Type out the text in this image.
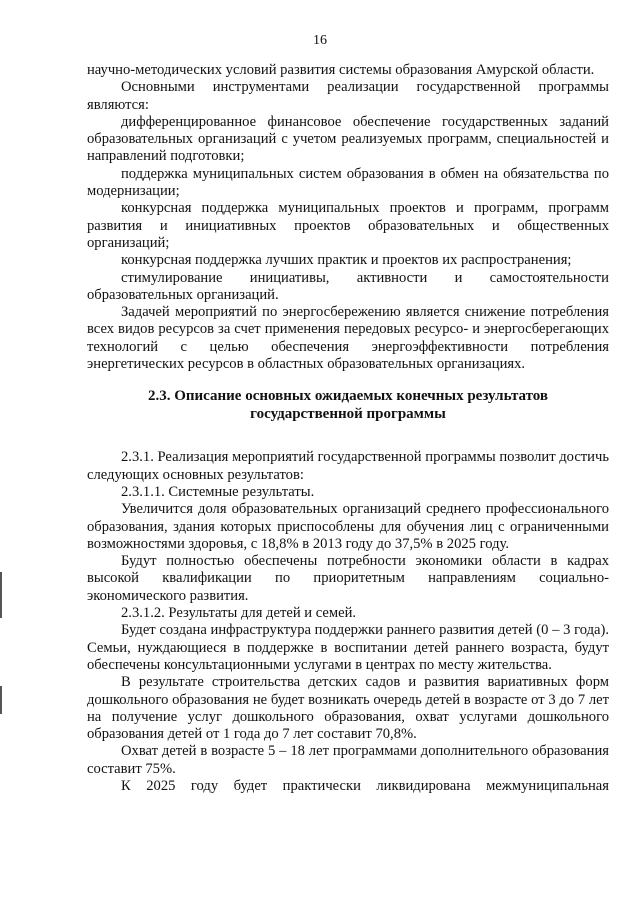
16

научно-методических условий развития системы образования Амурской области.

Основными инструментами реализации государственной программы являются:

дифференцированное финансовое обеспечение государственных заданий образовательных организаций с учетом реализуемых программ, специальностей и направлений подготовки;

поддержка муниципальных систем образования в обмен на обязательства по модернизации;

конкурсная поддержка муниципальных проектов и программ, программ развития и инициативных проектов образовательных и общественных организаций;

конкурсная поддержка лучших практик и проектов их распространения;

стимулирование инициативы, активности и самостоятельности образовательных организаций.

Задачей мероприятий по энергосбережению является снижение потребления всех видов ресурсов за счет применения передовых ресурсо- и энергосберегающих технологий с целью обеспечения энергоэффективности потребления энергетических ресурсов в областных образовательных организациях.

2.3. Описание основных ожидаемых конечных результатов
государственной программы

2.3.1. Реализация мероприятий государственной программы позволит достичь следующих основных результатов:

2.3.1.1. Системные результаты.

Увеличится доля образовательных организаций среднего профессионального образования, здания которых приспособлены для обучения лиц с ограниченными возможностями здоровья, с 18,8% в 2013 году до 37,5% в 2025 году.

Будут полностью обеспечены потребности экономики области в кадрах высокой квалификации по приоритетным направлениям социально-экономического развития.

2.3.1.2. Результаты для детей и семей.

Будет создана инфраструктура поддержки раннего развития детей (0 – 3 года). Семьи, нуждающиеся в поддержке в воспитании детей раннего возраста, будут обеспечены консультационными услугами в центрах по месту жительства.

В результате строительства детских садов и развития вариативных форм дошкольного образования не будет возникать очередь детей в возрасте от 3 до 7 лет на получение услуг дошкольного образования, охват услугами дошкольного образования детей от 1 года до 7 лет составит 70,8%.

Охват детей в возрасте 5 – 18 лет программами дополнительного образования составит 75%.

К 2025 году будет практически ликвидирована межмуниципальная
